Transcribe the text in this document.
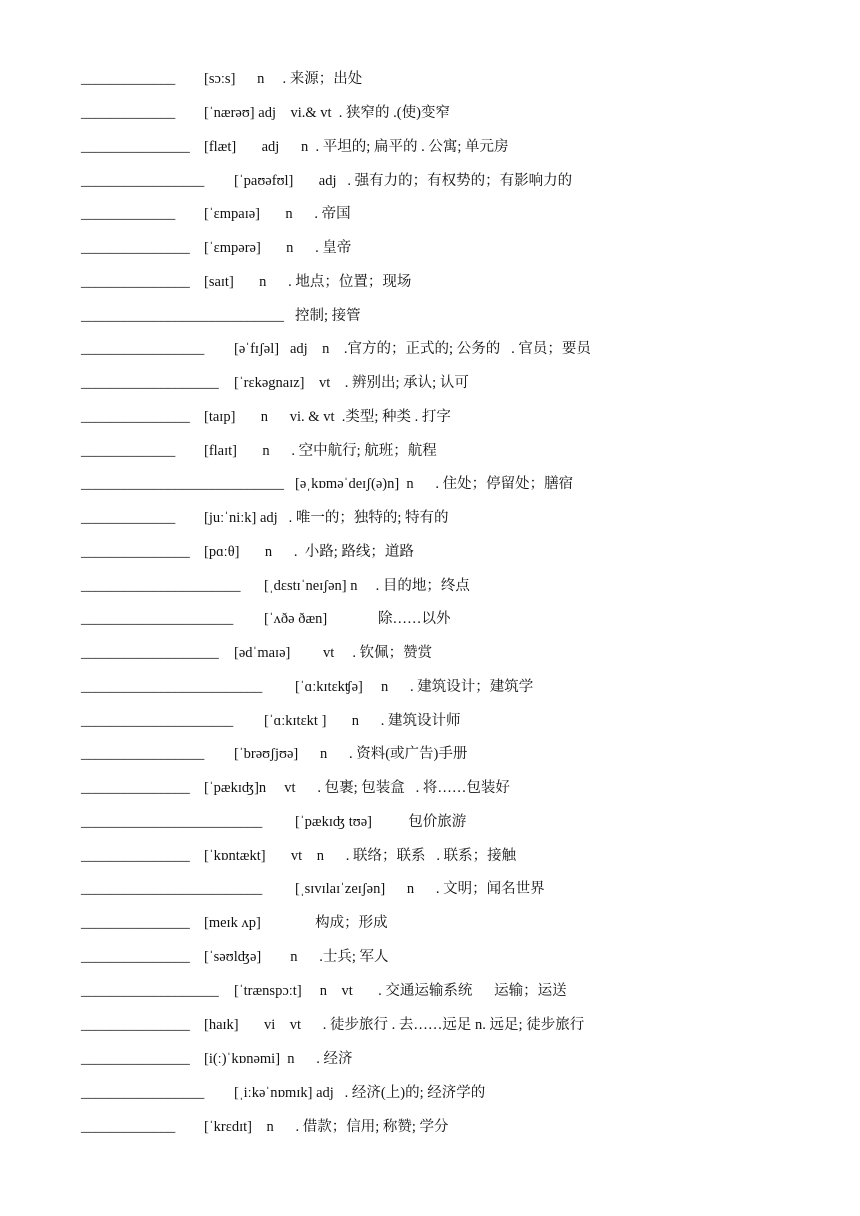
_____________ [sɔːs]      n     . 来源；出处
_____________ [ˈnærəʊ] adj    vi.& vt  . 狭窄的 .(使)变窄
_______________ [flæt]       adj      n  . 平坦的; 扁平的 . 公寓; 单元房
_________________ [ˈpaʊəfʊl]       adj   . 强有力的；有权势的；有影响力的
_____________ [ˈɛmpaɪə]       n      . 帝国
_______________ [ˈɛmpərə]       n      . 皇帝
_______________ [saɪt]       n      . 地点；位置；现场
____________________________ 控制; 接管
_________________ [əˈfɪʃəl]   adj    n    .官方的；正式的; 公务的   . 官员；要员
___________________ [ˈrɛkəgnaɪz]    vt    . 辨别出; 承认; 认可
_______________ [taɪp]       n      vi. & vt  .类型; 种类 . 打字
_____________ [flaɪt]       n      . 空中航行; 航班；航程
____________________________ [əˌkɒməˈdeɪʃ(ə)n]  n      . 住处；停留处；膳宿
_____________ [juːˈniːk] adj   . 唯一的；独特的; 特有的
_______________ [pɑːθ]       n      .  小路; 路线；道路
______________________ [ˌdɛstɪˈneɪʃən] n     . 目的地；终点
_____________________ [ˈʌðə ðæn]              除……以外
___________________ [ədˈmaɪə]         vt     . 钦佩；赞赏
_________________________ [ˈɑːkɪtɛkʧə]     n      . 建筑设计；建筑学
_____________________ [ˈɑːkɪtɛkt ]       n      . 建筑设计师
_________________ [ˈbrəʊʃjʊə]      n      . 资料(或广告)手册
_______________ [ˈpækɪʤ]n     vt      . 包裹; 包装盒   . 将……包装好
_________________________ [ˈpækɪʤ tʊə]          包价旅游
_______________ [ˈkɒntækt]       vt    n      . 联络；联系   . 联系；接触
_________________________ [ˌsɪvɪlaɪˈzeɪʃən]      n      . 文明；闻名世界
_______________ [meɪk ʌp]               构成；形成
_______________ [ˈsəʊlʤə]        n      .士兵; 军人
___________________ [ˈtrænspɔːt]     n    vt       . 交通运输系统      运输；运送
_______________ [haɪk]       vi    vt      . 徒步旅行 . 去……远足 n. 远足; 徒步旅行
_______________ [i(ː)ˈkɒnəmi]  n      . 经济
_________________ [ˌiːkəˈnɒmɪk] adj   . 经济(上)的; 经济学的
_____________ [ˈkrɛdɪt]    n      . 借款；信用; 称赞; 学分
